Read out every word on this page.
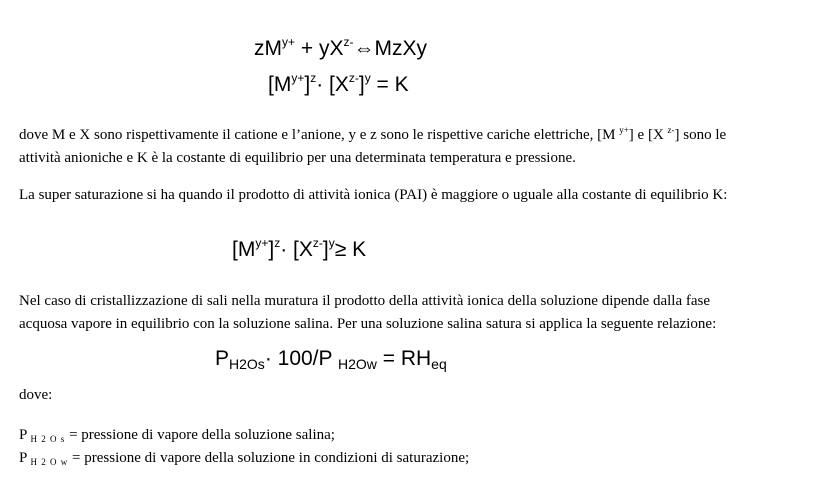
$zM^{y+}$ + $yX^{z-}\Leftrightarrow MzXy$
$[M^{y+}]^z\cdot [X^{z-}]^y = K$
dove M e X sono rispettivamente il catione e l’anione, y e z sono le rispettive cariche elettriche, [M $^{y+}$] e [X $^{z-}$] sono le
attività anioniche e K è la costante di equilibrio per una determinata temperatura e pressione.
La super saturazione si ha quando il prodotto di attività ionica (PAI) è maggiore o uguale alla costante di equilibrio K:
$[M^{y+}]^z\cdot [X^{z-}]^y\ge K$
Nel caso di cristallizzazione di sali nella muratura il prodotto della attività ionica della soluzione dipende dalla fase
acquosa vapore in equilibrio con la soluzione salina. Per una soluzione salina satura si applica la seguente relazione:
$P_{H2Os}\cdot 100/P$ $_{H2Ow} = RH_{eq}$
dove:
P $_{H 2 O s}$ = pressione di vapore della soluzione salina;
P $_{H 2 O w}$ = pressione di vapore della soluzione in condizioni di saturazione;
